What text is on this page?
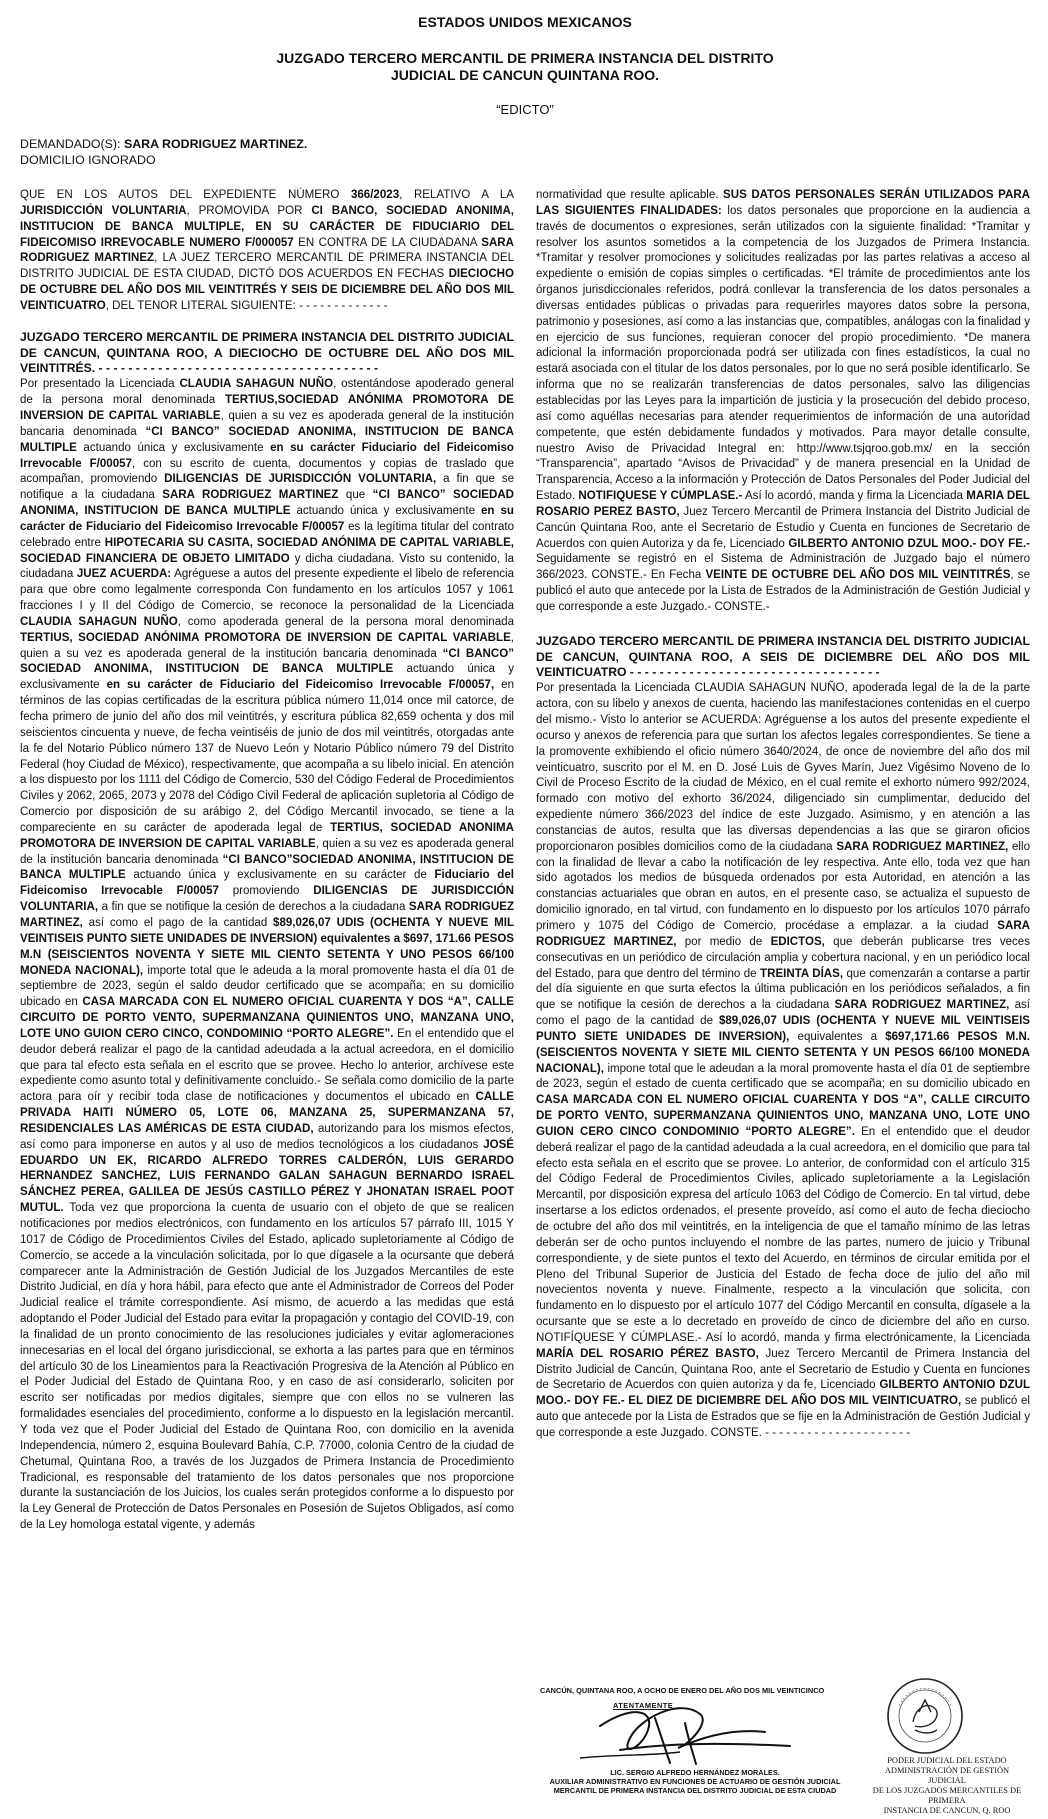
ESTADOS UNIDOS MEXICANOS
JUZGADO TERCERO MERCANTIL DE PRIMERA INSTANCIA DEL DISTRITO
JUDICIAL DE CANCUN QUINTANA ROO.
“EDICTO”
DEMANDADO(S): SARA RODRIGUEZ MARTINEZ.
DOMICILIO IGNORADO

QUE EN LOS AUTOS DEL EXPEDIENTE NÚMERO 366/2023, RELATIVO A LA JURISDICCIÓN VOLUNTARIA, PROMOVIDA POR CI BANCO, SOCIEDAD ANONIMA, INSTITUCION DE BANCA MULTIPLE, EN SU CARÁCTER DE FIDUCIARIO DEL FIDEICOMISO IRREVOCABLE NUMERO F/000057 EN CONTRA DE LA CIUDADANA SARA RODRIGUEZ MARTINEZ, LA JUEZ TERCERO MERCANTIL DE PRIMERA INSTANCIA DEL DISTRITO JUDICIAL DE ESTA CIUDAD, DICTÓ DOS ACUERDOS EN FECHAS DIECIOCHO DE OCTUBRE DEL AÑO DOS MIL VEINTITRÉS Y SEIS DE DICIEMBRE DEL AÑO DOS MIL VEINTICUATRO, DEL TENOR LITERAL SIGUIENTE: - - - - - - - - - - - - -

JUZGADO TERCERO MERCANTIL DE PRIMERA INSTANCIA DEL DISTRITO JUDICIAL DE CANCUN, QUINTANA ROO, A DIECIOCHO DE OCTUBRE DEL AÑO DOS MIL VEINTITRÉS. - - - - - - - - - - - - - - - - - - - - - - - - - - - - - - - - - - - - - -

Por presentado la Licenciada CLAUDIA SAHAGUN NUÑO, ostentándose apoderado general de la persona moral denominada TERTIUS,SOCIEDAD ANÓNIMA PROMOTORA DE INVERSION DE CAPITAL VARIABLE, quien a su vez es apoderada general de la institución bancaria denominada “CI BANCO” SOCIEDAD ANONIMA, INSTITUCION DE BANCA MULTIPLE actuando única y exclusivamente en su carácter Fiduciario del Fideicomiso Irrevocable F/00057, con su escrito de cuenta, documentos y copias de traslado que acompañan, promoviendo DILIGENCIAS DE JURISDICCIÓN VOLUNTARIA, a fin que se notifique a la ciudadana SARA RODRIGUEZ MARTINEZ que “CI BANCO” SOCIEDAD ANONIMA, INSTITUCION DE BANCA MULTIPLE actuando única y exclusivamente en su carácter de Fiduciario del Fideicomiso Irrevocable F/00057 es la legítima titular del contrato celebrado entre HIPOTECARIA SU CASITA, SOCIEDAD ANÓNIMA DE CAPITAL VARIABLE, SOCIEDAD FINANCIERA DE OBJETO LIMITADO y dicha ciudadana. Visto su contenido, la ciudadana JUEZ ACUERDA: Agréguese a autos del presente expediente el libelo de referencia para que obre como legalmente corresponda Con fundamento en los artículos 1057 y 1061 fracciones I y II del Código de Comercio, se reconoce la personalidad de la Licenciada CLAUDIA SAHAGUN NUÑO, como apoderada general de la persona moral denominada TERTIUS, SOCIEDAD ANÓNIMA PROMOTORA DE INVERSION DE CAPITAL VARIABLE, quien a su vez es apoderada general de la institución bancaria denominada “CI BANCO” SOCIEDAD ANONIMA, INSTITUCION DE BANCA MULTIPLE actuando única y exclusivamente en su carácter de Fiduciario del Fideicomiso Irrevocable F/00057, en términos de las copias certificadas de la escritura pública número 11,014 once mil catorce, de fecha primero de junio del año dos mil veintitrés, y escritura pública 82,659 ochenta y dos mil seiscientos cincuenta y nueve, de fecha veintiséis de junio de dos mil veintitrés, otorgadas ante la fe del Notario Público número 137 de Nuevo León y Notario Público número 79 del Distrito Federal (hoy Ciudad de México), respectivamente, que acompaña a su libelo inicial. En atención a los dispuesto por los 1111 del Código de Comercio, 530 del Código Federal de Procedimientos Civiles y 2062, 2065, 2073 y 2078 del Código Civil Federal de aplicación supletoria al Código de Comercio por disposición de su arábigo 2, del Código Mercantil invocado, se tiene a la compareciente en su carácter de apoderada legal de TERTIUS, SOCIEDAD ANONIMA PROMOTORA DE INVERSION DE CAPITAL VARIABLE, quien a su vez es apoderada general de la institución bancaria denominada “CI BANCO”SOCIEDAD ANONIMA, INSTITUCION DE BANCA MULTIPLE actuando única y exclusivamente en su carácter de Fiduciario del Fideicomiso Irrevocable F/00057 promoviendo DILIGENCIAS DE JURISDICCIÓN VOLUNTARIA, a fin que se notifique la cesión de derechos a la ciudadana SARA RODRIGUEZ MARTINEZ, así como el pago de la cantidad $89,026,07 UDIS (OCHENTA Y NUEVE MIL VEINTISEIS PUNTO SIETE UNIDADES DE INVERSION) equivalentes a $697, 171.66 PESOS M.N (SEISCIENTOS NOVENTA Y SIETE MIL CIENTO SETENTA Y UNO PESOS 66/100 MONEDA NACIONAL), importe total que le adeuda a la moral promovente hasta el día 01 de septiembre de 2023, según el saldo deudor certificado que se acompaña; en su domicilio ubicado en CASA MARCADA CON EL NUMERO OFICIAL CUARENTA Y DOS “A”, CALLE CIRCUITO DE PORTO VENTO, SUPERMANZANA QUINIENTOS UNO, MANZANA UNO, LOTE UNO GUION CERO CINCO, CONDOMINIO “PORTO ALEGRE”. En el entendido que el deudor deberá realizar el pago de la cantidad adeudada a la actual acreedora, en el domicilio que para tal efecto esta señala en el escrito que se provee. Hecho lo anterior, archívese este expediente como asunto total y definitivamente concluido.- Se señala como domicilio de la parte actora para oír y recibir toda clase de notificaciones y documentos el ubicado en CALLE PRIVADA HAITI NÚMERO 05, LOTE 06, MANZANA 25, SUPERMANZANA 57, RESIDENCIALES LAS AMÉRICAS DE ESTA CIUDAD, autorizando para los mismos efectos, así como para imponerse en autos y al uso de medios tecnológicos a los ciudadanos JOSÉ EDUARDO UN EK, RICARDO ALFREDO TORRES CALDERÓN, LUIS GERARDO HERNANDEZ SANCHEZ, LUIS FERNANDO GALAN SAHAGUN BERNARDO ISRAEL SÁNCHEZ PEREA, GALILEA DE JESÚS CASTILLO PÉREZ Y JHONATAN ISRAEL POOT MUTUL. Toda vez que proporciona la cuenta de usuario con el objeto de que se realicen notificaciones por medios electrónicos, con fundamento en los artículos 57 párrafo III, 1015 Y 1017 de Código de Procedimientos Civiles del Estado, aplicado supletoriamente al Código de Comercio, se accede a la vinculación solicitada, por lo que dígasele a la ocursante que deberá comparecer ante la Administración de Gestión Judicial de los Juzgados Mercantiles de este Distrito Judicial, en día y hora hábil, para efecto que ante el Administrador de Correos del Poder Judicial realice el trámite correspondiente. Así mismo, de acuerdo a las medidas que está adoptando el Poder Judicial del Estado para evitar la propagación y contagio del COVID-19, con la finalidad de un pronto conocimiento de las resoluciones judiciales y evitar aglomeraciones innecesarias en el local del órgano jurisdiccional, se exhorta a las partes para que en términos del artículo 30 de los Lineamientos para la Reactivación Progresiva de la Atención al Público en el Poder Judicial del Estado de Quintana Roo, y en caso de así considerarlo, soliciten por escrito ser notificadas por medios digitales, siempre que con ellos no se vulneren las formalidades esenciales del procedimiento, conforme a lo dispuesto en la legislación mercantil. Y toda vez que el Poder Judicial del Estado de Quintana Roo, con domicilio en la avenida Independencia, número 2, esquina Boulevard Bahía, C.P. 77000, colonia Centro de la ciudad de Chetumal, Quintana Roo, a través de los Juzgados de Primera Instancia de Procedimiento Tradicional, es responsable del tratamiento de los datos personales que nos proporcione durante la sustanciación de los Juicios, los cuales serán protegidos conforme a lo dispuesto por la Ley General de Protección de Datos Personales en Posesión de Sujetos Obligados, así como de la Ley homologa estatal vigente, y además

normatividad que resulte aplicable. SUS DATOS PERSONALES SERÁN UTILIZADOS PARA LAS SIGUIENTES FINALIDADES: los datos personales que proporcione en la audiencia a través de documentos o expresiones, serán utilizados con la siguiente finalidad: *Tramitar y resolver los asuntos sometidos a la competencia de los Juzgados de Primera Instancia. *Tramitar y resolver promociones y solicitudes realizadas por las partes relativas a acceso al expediente o emisión de copias simples o certificadas. *El trámite de procedimientos ante los órganos jurisdiccionales referidos, podrá conllevar la transferencia de los datos personales a diversas entidades públicas o privadas para requerirles mayores datos sobre la persona, patrimonio y posesiones, así como a las instancias que, compatibles, análogas con la finalidad y en ejercicio de sus funciones, requieran conocer del propio procedimiento. *De manera adicional la información proporcionada podrá ser utilizada con fines estadísticos, la cual no estará asociada con el titular de los datos personales, por lo que no será posible identificarlo. Se informa que no se realizarán transferencias de datos personales, salvo las diligencias establecidas por las Leyes para la impartición de justicia y la prosecución del debido proceso, así como aquéllas necesarias para atender requerimientos de información de una autoridad competente, que estén debidamente fundados y motivados. Para mayor detalle consulte, nuestro Aviso de Privacidad Integral en: http://www.tsjqroo.gob.mx/ en la sección “Transparencia”, apartado “Avisos de Privacidad” y de manera presencial en la Unidad de Transparencia, Acceso a la información y Protección de Datos Personales del Poder Judicial del Estado. NOTIFIQUESE Y CÚMPLASE.- Así lo acordó, manda y firma la Licenciada MARIA DEL ROSARIO PEREZ BASTO, Juez Tercero Mercantil de Primera Instancia del Distrito Judicial de Cancún Quintana Roo, ante el Secretario de Estudio y Cuenta en funciones de Secretario de Acuerdos con quien Autoriza y da fe, Licenciado GILBERTO ANTONIO DZUL MOO.- DOY FE.- Seguidamente se registró en el Sistema de Administración de Juzgado bajo el número 366/2023. CONSTE.- En Fecha VEINTE DE OCTUBRE DEL AÑO DOS MIL VEINTITRÉS, se publicó el auto que antecede por la Lista de Estrados de la Administración de Gestión Judicial y que corresponde a este Juzgado.- CONSTE.-

JUZGADO TERCERO MERCANTIL DE PRIMERA INSTANCIA DEL DISTRITO JUDICIAL DE CANCUN, QUINTANA ROO, A SEIS DE DICIEMBRE DEL AÑO DOS MIL VEINTICUATRO - - - - - - - - - - - - - - - - - - - - - - - - - - - - - - - - - -

Por presentada la Licenciada CLAUDIA SAHAGUN NUÑO, apoderada legal de la de la parte actora, con su libelo y anexos de cuenta, haciendo las manifestaciones contenidas en el cuerpo del mismo.- Visto lo anterior se ACUERDA: Agréguense a los autos del presente expediente el ocurso y anexos de referencia para que surtan los afectos legales correspondientes. Se tiene a la promovente exhibiendo el oficio número 3640/2024, de once de noviembre del año dos mil veinticuatro, suscrito por el M. en D. José Luis de Gyves Marín, Juez Vigésimo Noveno de lo Civil de Proceso Escrito de la ciudad de México, en el cual remite el exhorto número 992/2024, formado con motivo del exhorto 36/2024, diligenciado sin cumplimentar, deducido del expediente número 366/2023 del índice de este Juzgado. Asimismo, y en atención a las constancias de autos, resulta que las diversas dependencias a las que se giraron oficios proporcionaron posibles domicilios como de la ciudadana SARA RODRIGUEZ MARTINEZ, ello con la finalidad de llevar a cabo la notificación de ley respectiva. Ante ello, toda vez que han sido agotados los medios de búsqueda ordenados por esta Autoridad, en atención a las constancias actuariales que obran en autos, en el presente caso, se actualiza el supuesto de domicilio ignorado, en tal virtud, con fundamento en lo dispuesto por los artículos 1070 párrafo primero y 1075 del Código de Comercio, procédase a emplazar. a la ciudad SARA RODRIGUEZ MARTINEZ, por medio de EDICTOS, que deberán publicarse tres veces consecutivas en un periódico de circulación amplia y cobertura nacional, y en un periódico local del Estado, para que dentro del término de TREINTA DÍAS, que comenzarán a contarse a partir del día siguiente en que surta efectos la última publicación en los periódicos señalados, a fin que se notifique la cesión de derechos a la ciudadana SARA RODRIGUEZ MARTINEZ, así como el pago de la cantidad de $89,026,07 UDIS (OCHENTA Y NUEVE MIL VEINTISEIS PUNTO SIETE UNIDADES DE INVERSION), equivalentes a $697,171.66 PESOS M.N. (SEISCIENTOS NOVENTA Y SIETE MIL CIENTO SETENTA Y UN PESOS 66/100 MONEDA NACIONAL), impone total que le adeudan a la moral promovente hasta el día 01 de septiembre de 2023, según el estado de cuenta certificado que se acompaña; en su domicilio ubicado en CASA MARCADA CON EL NUMERO OFICIAL CUARENTA Y DOS “A”, CALLE CIRCUITO DE PORTO VENTO, SUPERMANZANA QUINIENTOS UNO, MANZANA UNO, LOTE UNO GUION CERO CINCO CONDOMINIO “PORTO ALEGRE”. En el entendido que el deudor deberá realizar el pago de la cantidad adeudada a la cual acreedora, en el domicilio que para tal efecto esta señala en el escrito que se provee. Lo anterior, de conformidad con el artículo 315 del Código Federal de Procedimientos Civiles, aplicado supletoriamente a la Legislación Mercantil, por disposición expresa del artículo 1063 del Código de Comercio. En tal virtud, debe insertarse a los edictos ordenados, el presente proveído, así como el auto de fecha dieciocho de octubre del año dos mil veintitrés, en la inteligencia de que el tamaño mínimo de las letras deberán ser de ocho puntos incluyendo el nombre de las partes, numero de juicio y Tribunal correspondiente, y de siete puntos el texto del Acuerdo, en términos de circular emitida por el Pleno del Tribunal Superior de Justicia del Estado de fecha doce de julio del año mil novecientos noventa y nueve. Finalmente, respecto a la vinculación que solicita, con fundamento en lo dispuesto por el artículo 1077 del Código Mercantil en consulta, dígasele a la ocursante que se este a lo decretado en proveído de cinco de diciembre del año en curso. NOTIFÍQUESE Y CÚMPLASE.- Así lo acordó, manda y firma electrónicamente, la Licenciada MARÍA DEL ROSARIO PÉREZ BASTO, Juez Tercero Mercantil de Primera Instancia del Distrito Judicial de Cancún, Quintana Roo, ante el Secretario de Estudio y Cuenta en funciones de Secretario de Acuerdos con quien autoriza y da fe, Licenciado GILBERTO ANTONIO DZUL MOO.- DOY FE.- EL DIEZ DE DICIEMBRE DEL AÑO DOS MIL VEINTICUATRO, se publicó el auto que antecede por la Lista de Estrados que se fije en la Administración de Gestión Judicial y que corresponde a este Juzgado. CONSTE. - - - - - - - - - - - - - - - - - - - - -

CANCÚN, QUINTANA ROO, A OCHO DE ENERO DEL AÑO DOS MIL VEINTICINCO
ATENTAMENTE
LIC. SERGIO ALFREDO HERNÁNDEZ MORALES.
AUXILIAR ADMINISTRATIVO EN FUNCIONES DE ACTUARIO DE GESTIÓN JUDICIAL
MERCANTIL DE PRIMERA INSTANCIA DEL DISTRITO JUDICIAL DE ESTA CIUDAD
PODER JUDICIAL DEL ESTADO
ADMINISTRACIÓN DE GESTIÓN JUDICIAL
DE LOS JUZGADOS MERCANTILES DE PRIMERA
INSTANCIA DE CANCUN, Q. ROO
